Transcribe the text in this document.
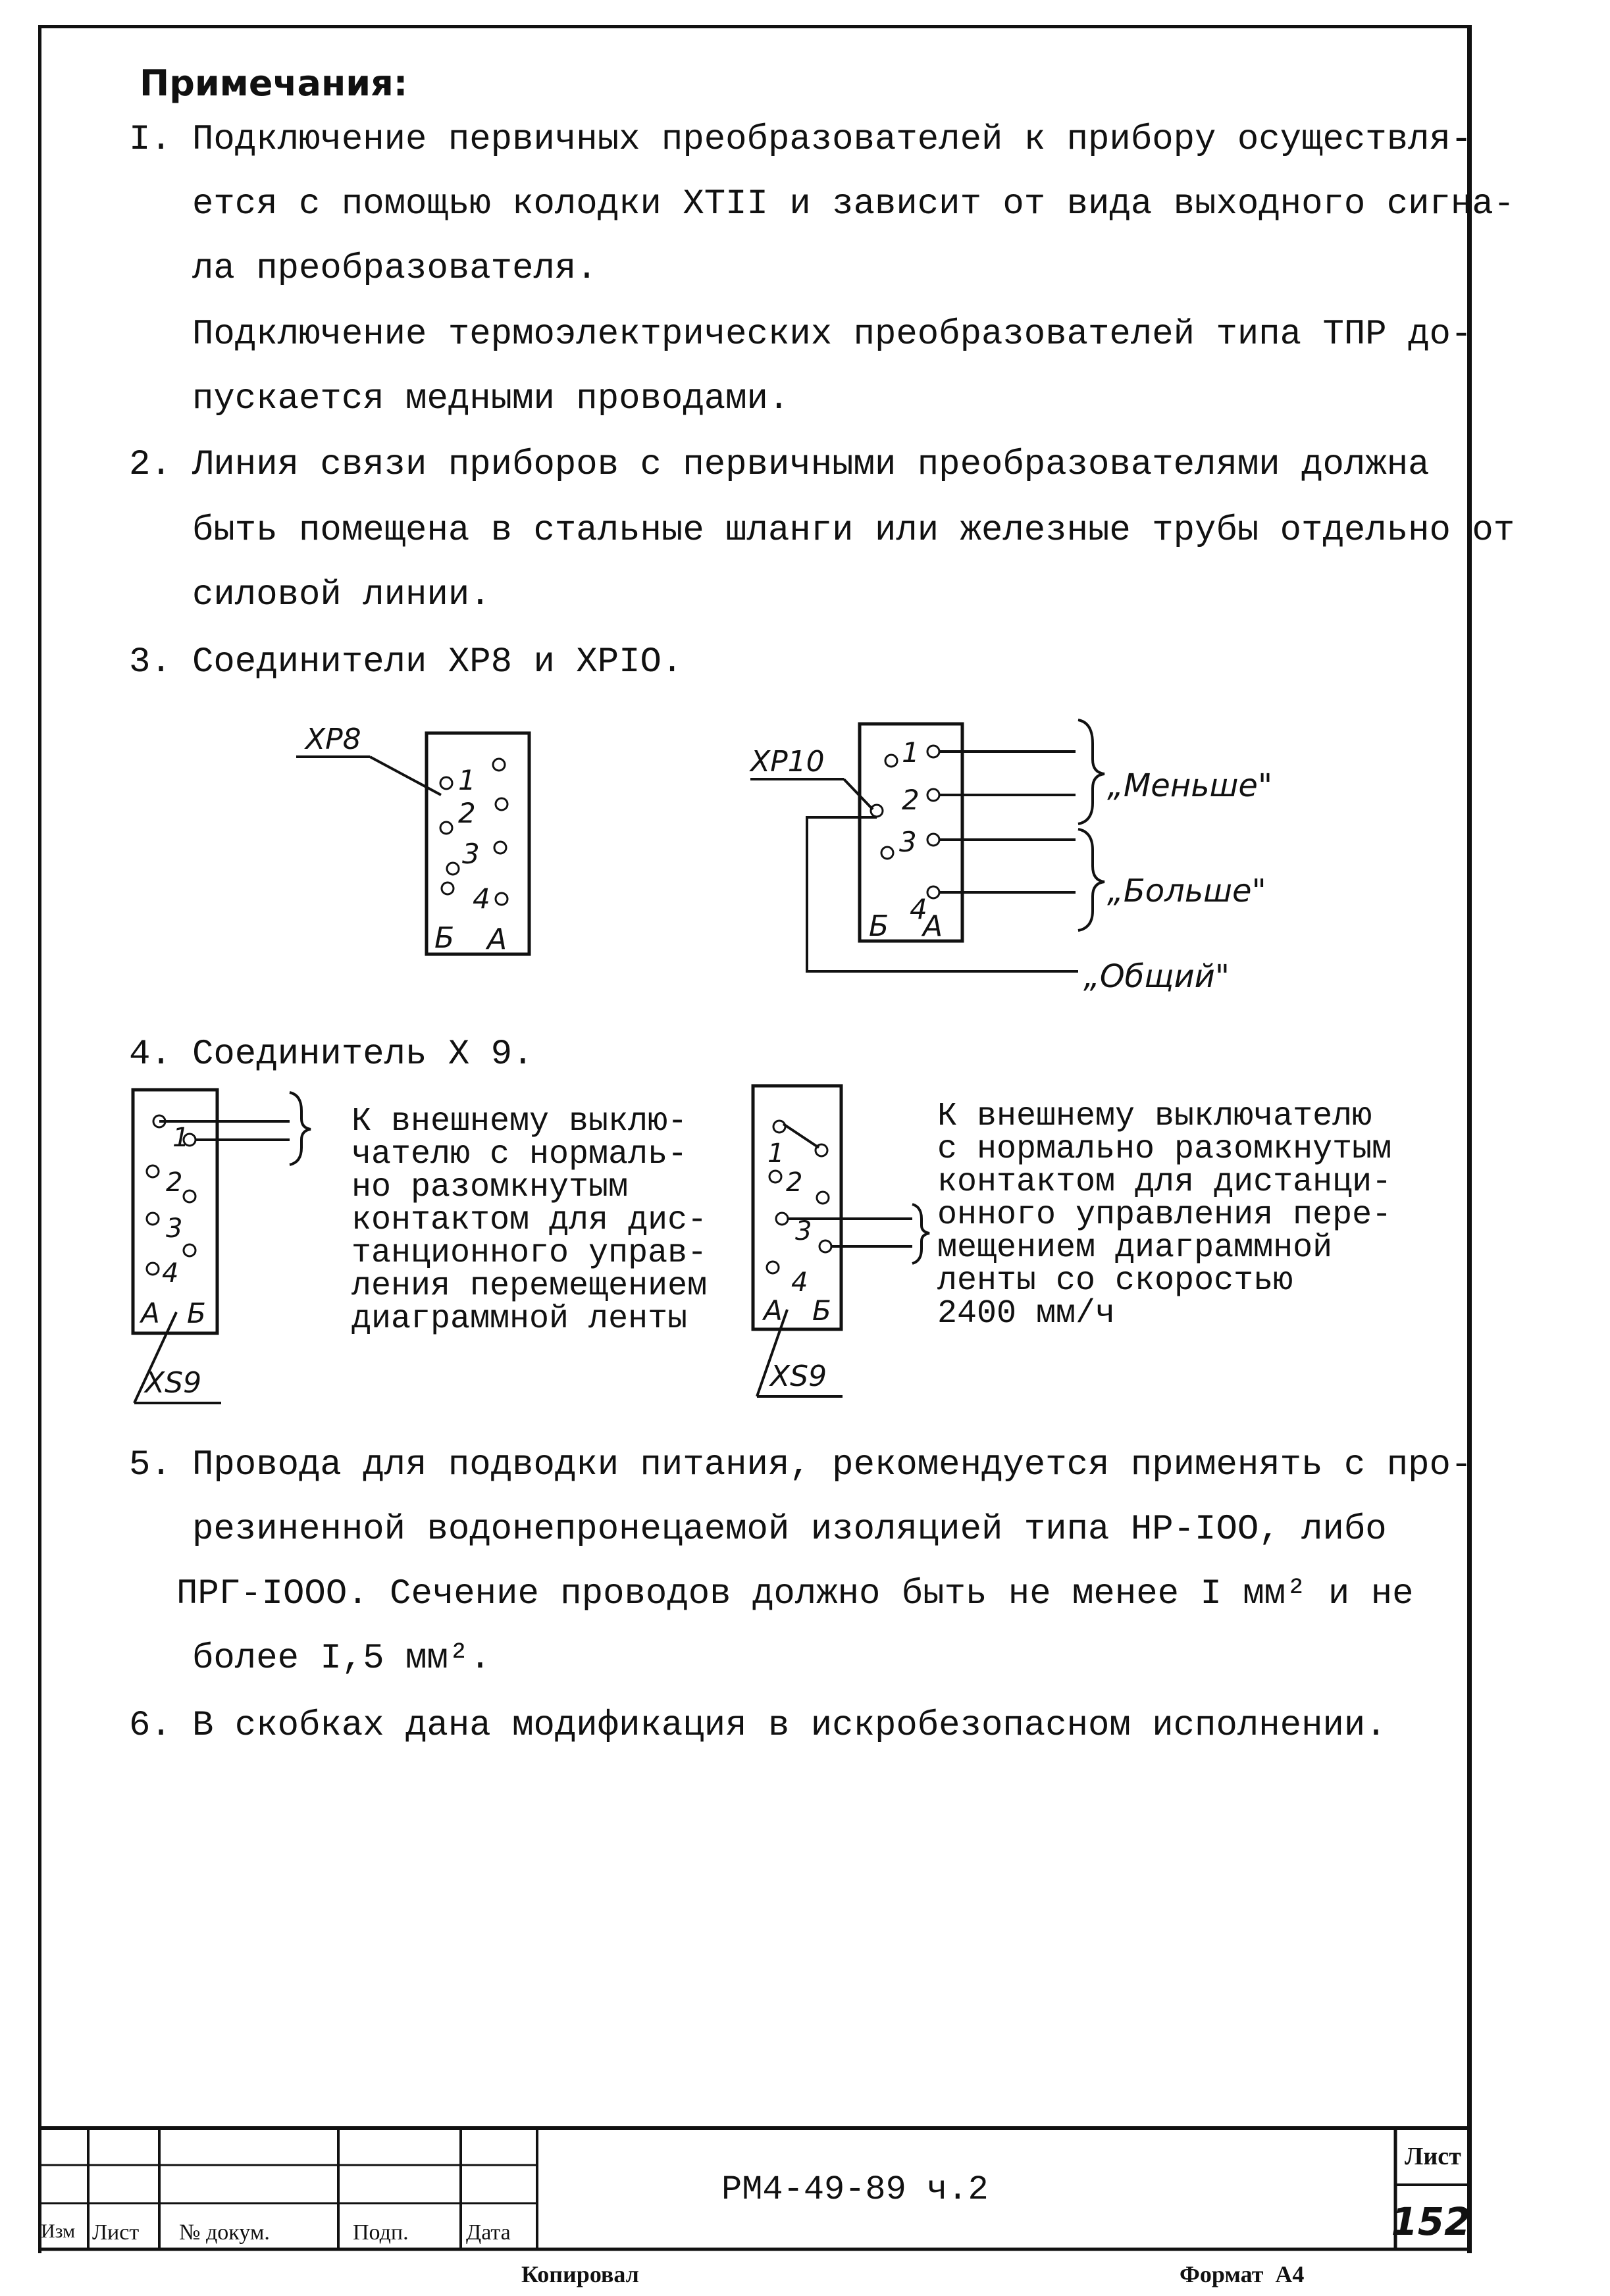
Примечания:
I. Подключение первичных преобразователей к прибору осуществля-
ется с помощью колодки ХТII и зависит от вида выходного сигна-
ла преобразователя.
Подключение термоэлектрических преобразователей типа ТПР до-
пускается медными проводами.
2. Линия связи приборов с первичными преобразователями должна
быть помещена в стальные шланги или железные трубы отдельно от
силовой линии.
3. Соединители ХР8 и ХРIO.
ХР8
1
2
3
4
Б А
ХР10	1
2
3
4
Б А
„Меньше"
„Больше"
„Общий"
4. Соединитель Х 9.
1
2
3
4
А Б
XS9
К внешнему выклю-
чателю с нормаль-
но разомкнутым
контактом для дис-
танционного управ-
ления перемещением
диаграммной ленты
1
2
3
4
А Б
XS9
К внешнему выключателю
с нормально разомкнутым
контактом для дистанци-
онного управления пере-
мещением диаграммной
ленты со скоростью
2400 мм/ч
5. Провода для подводки питания, рекомендуется применять с про-
резиненной водонепронецаемой изоляцией типа НР-IOO, либо
ПРГ-IOOO. Сечение проводов должно быть не менее I мм² и не
более I,5 мм².
6. В скобках дана модификация в искробезопасном исполнении.
152
Изм Лист № докум.	Подп.	Дата
РМ4-49-89 ч.2
Лист
Копировал	Формат  А4
